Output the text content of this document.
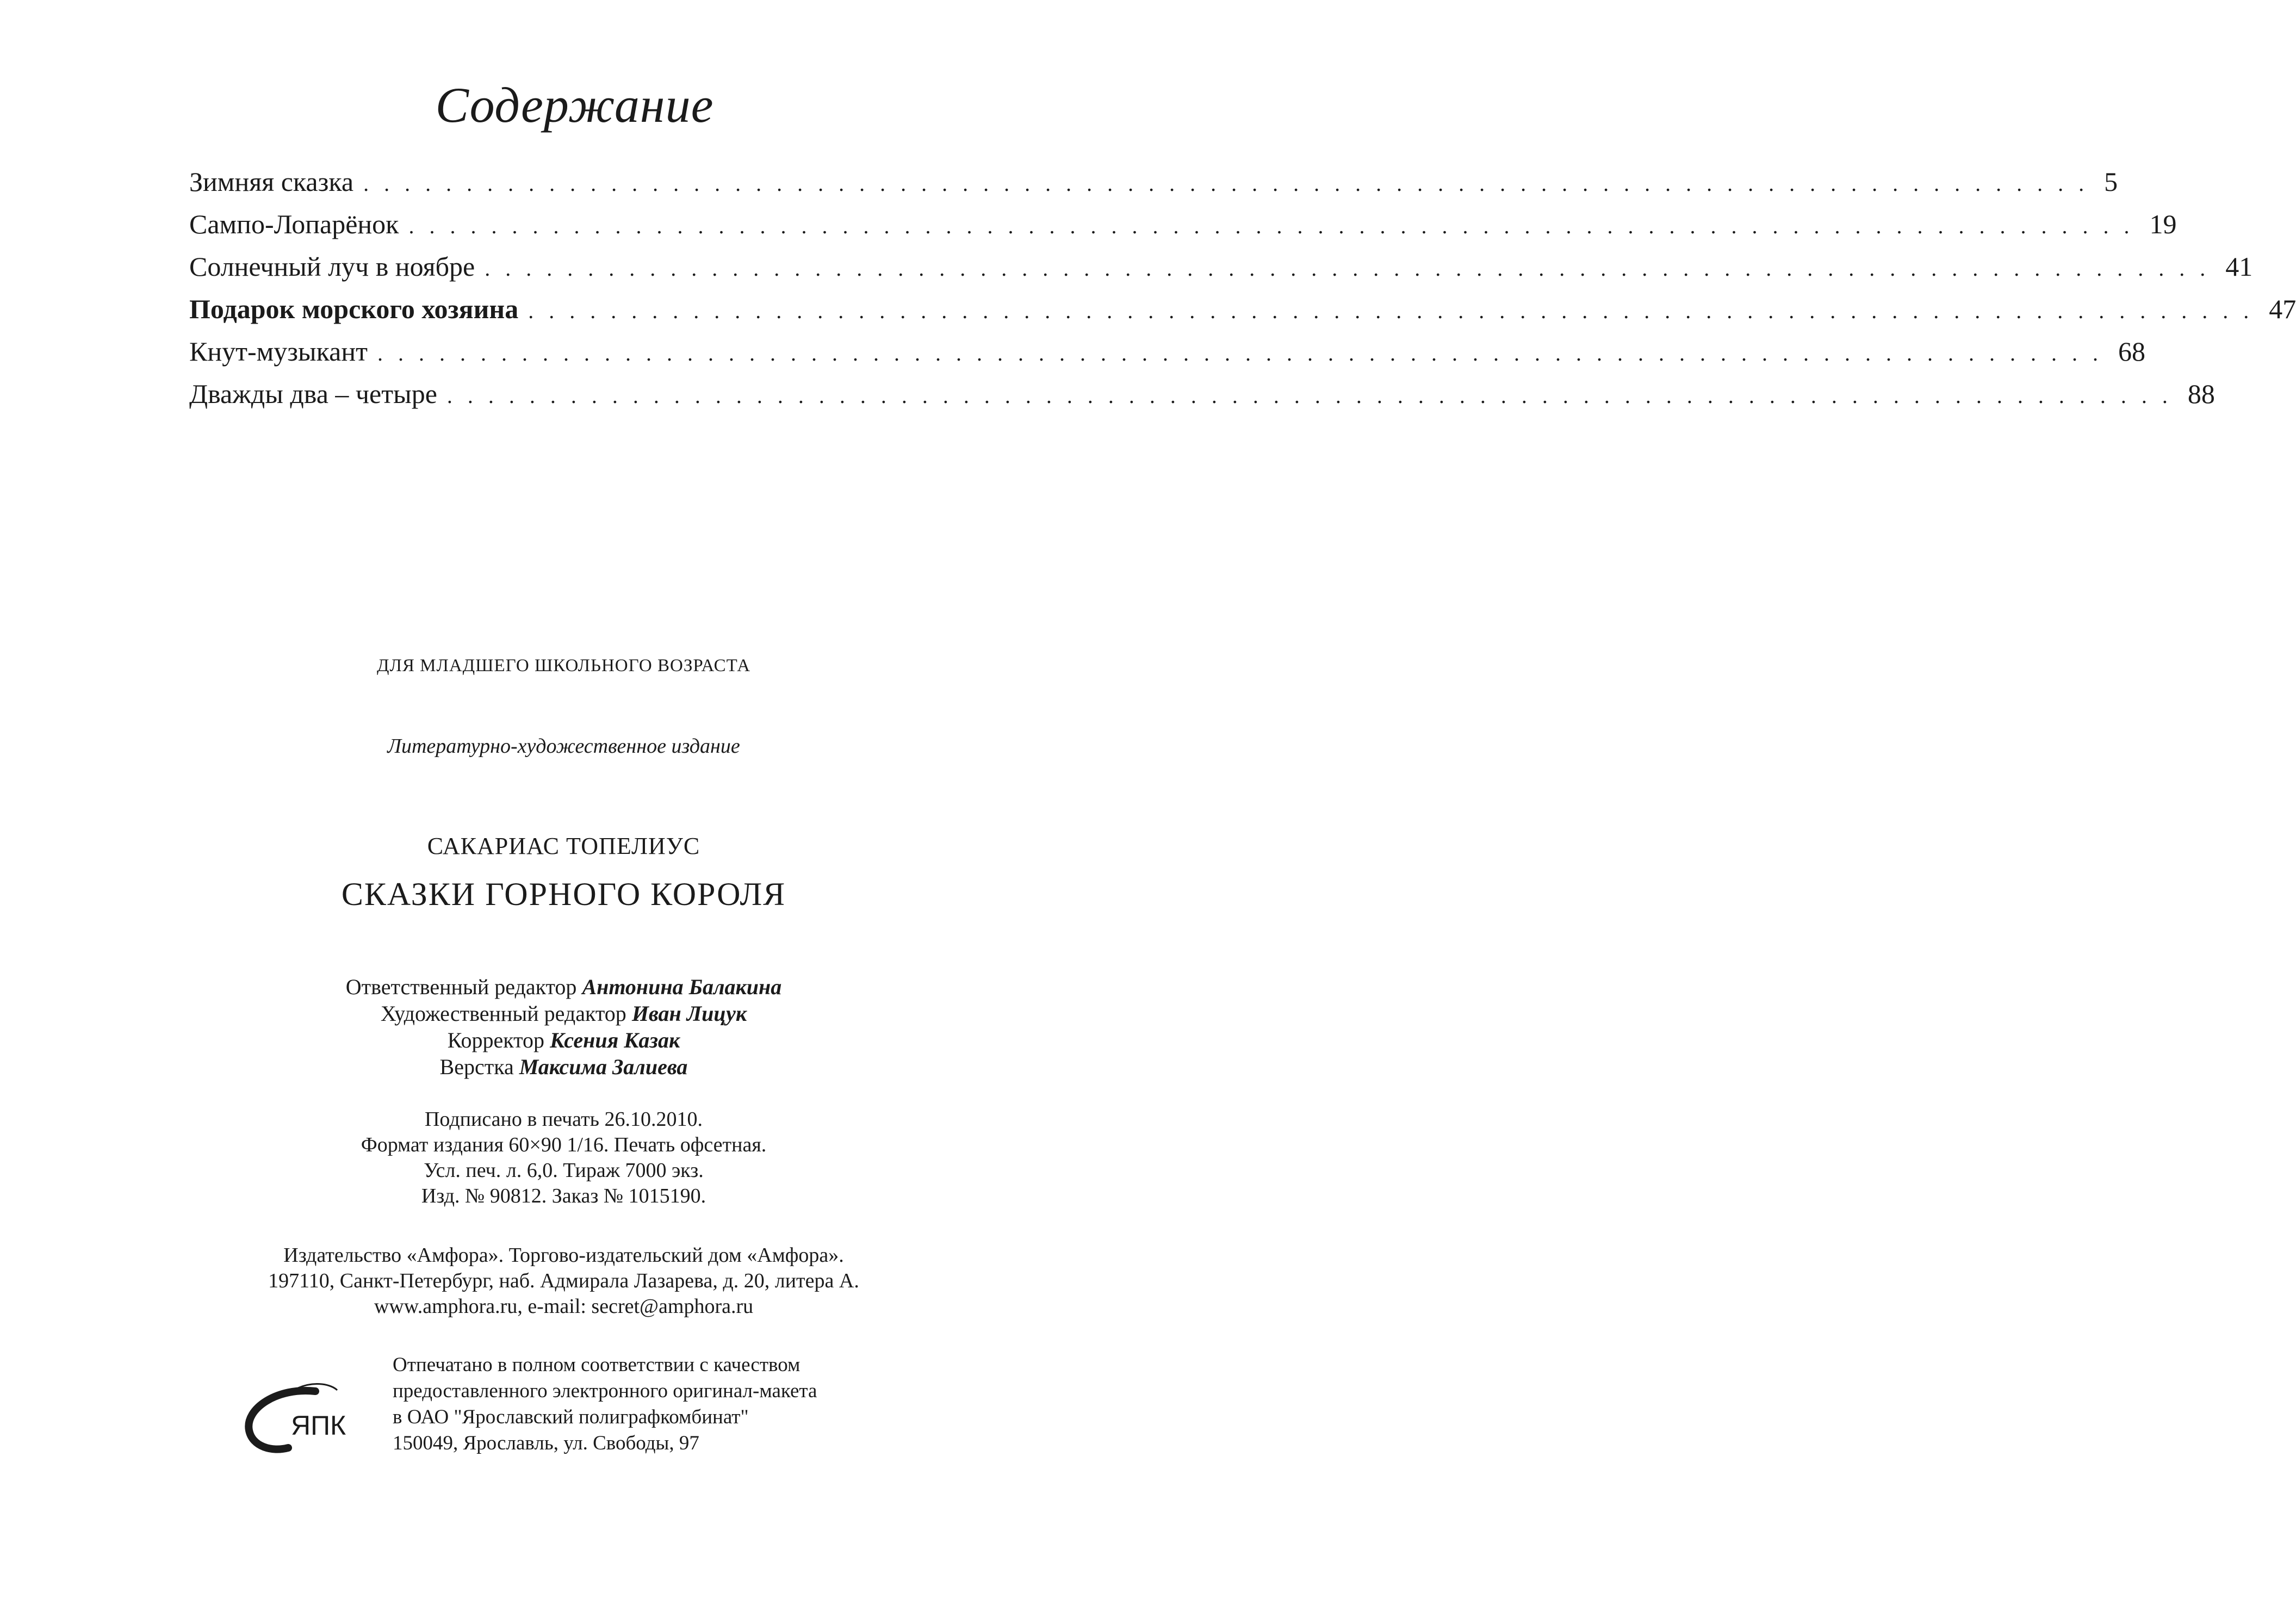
Содержание
Зимняя сказка . . . . . . . . . . . . . . . . . . . . . . . . . . . . . . . . . . . . . . . . . . . . . . . . . . . . . . . . . . . . . . . . . . . . . . . . . . . . . . . . . . . . 5
Сампо-Лопарёнок . . . . . . . . . . . . . . . . . . . . . . . . . . . . . . . . . . . . . . . . . . . . . . . . . . . . . . . . . . . . . . . . . . . . . . . . . . . . . . . . . . . . 19
Солнечный луч в ноябре . . . . . . . . . . . . . . . . . . . . . . . . . . . . . . . . . . . . . . . . . . . . . . . . . . . . . . . . . . . . . . . . . . . . . . . . . . . . . . . . . . . . 41
Подарок морского хозяина . . . . . . . . . . . . . . . . . . . . . . . . . . . . . . . . . . . . . . . . . . . . . . . . . . . . . . . . . . . . . . . . . . . . . . . . . . . . . . . . . . . . 47
Кнут-музыкант . . . . . . . . . . . . . . . . . . . . . . . . . . . . . . . . . . . . . . . . . . . . . . . . . . . . . . . . . . . . . . . . . . . . . . . . . . . . . . . . . . . . 68
Дважды два – четыре . . . . . . . . . . . . . . . . . . . . . . . . . . . . . . . . . . . . . . . . . . . . . . . . . . . . . . . . . . . . . . . . . . . . . . . . . . . . . . . . . . . . 88
ДЛЯ МЛАДШЕГО ШКОЛЬНОГО ВОЗРАСТА
Литературно-художественное издание
САКАРИАС ТОПЕЛИУС
СКАЗКИ ГОРНОГО КОРОЛЯ
Ответственный редактор Антонина Балакина
Художественный редактор Иван Лицук
Корректор Ксения Казак
Верстка Максима Залиева
Подписано в печать 26.10.2010.
Формат издания 60×90 1/16. Печать офсетная.
Усл. печ. л. 6,0. Тираж 7000 экз.
Изд. № 90812. Заказ № 1015190.
Издательство «Амфора». Торгово-издательский дом «Амфора».
197110, Санкт-Петербург, наб. Адмирала Лазарева, д. 20, литера А.
www.amphora.ru, e-mail: secret@amphora.ru
ЯПК
Отпечатано в полном соответствии с качеством
предоставленного электронного оригинал-макета
в ОАО "Ярославский полиграфкомбинат"
150049, Ярославль, ул. Свободы, 97
